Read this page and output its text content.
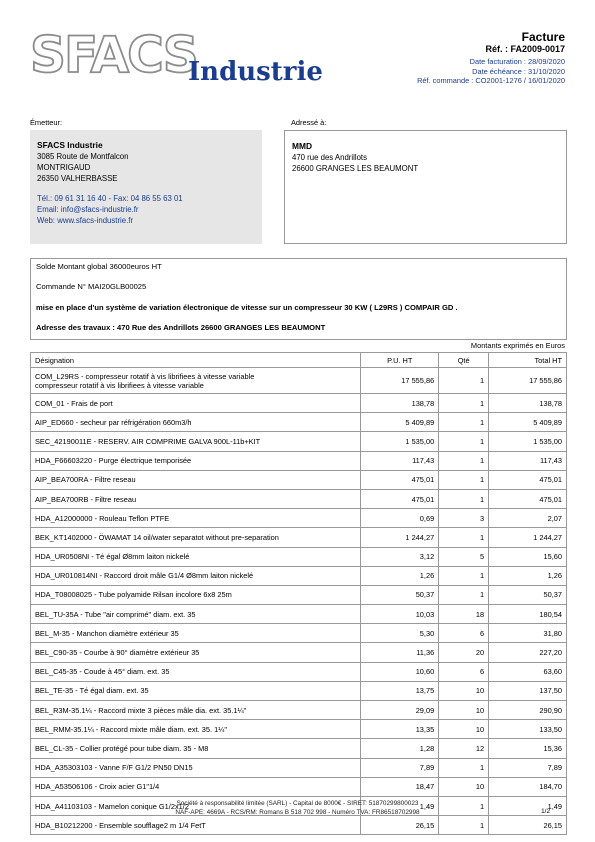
SFACS
Industrie
Facture
Réf. : FA2009-0017
Date facturation : 28/09/2020
Date échéance : 31/10/2020
Réf. commande : CO2001-1276 / 16/01/2020
Émetteur:
SFACS Industrie
3085 Route de Montfalcon
MONTRIGAUD
26350 VALHERBASSE
Tél.: 09 61 31 16 40 - Fax: 04 86 55 63 01
Email: info@sfacs-industrie.fr
Web: www.sfacs-industrie.fr
Adressé à:
MMD
470 rue des Andrillots
26600 GRANGES LES BEAUMONT
Solde Montant global 36000euros HT
Commande N° MAI20GLB00025
mise en place d'un système de variation électronique de vitesse sur un compresseur 30 KW ( L29RS ) COMPAIR GD .
Adresse des travaux : 470 Rue des Andrillots 26600 GRANGES LES BEAUMONT
Montants exprimés en Euros
Désignation	P.U. HT	Qté	Total HT

COM_L29RS - compresseur rotatif à vis librifiees à vitesse variable
compresseur rotatif à vis librifiees à vitesse variable	17 555,86	1	17 555,86

COM_01 - Frais de port	138,78	1	138,78

AIP_ED660 - secheur par réfrigération 660m3/h	5 409,89	1	5 409,89

SEC_42190011E - RESERV. AIR COMPRIME GALVA 900L-11b+KIT	1 535,00	1	1 535,00

HDA_F66603220 - Purge électrique temporisée	117,43	1	117,43

AIP_BEA700RA - Filtre reseau	475,01	1	475,01

AIP_BEA700RB - Filtre reseau	475,01	1	475,01

HDA_A12000000 - Rouleau Teflon PTFE	0,69	3	2,07

BEK_KT1402000 - ÖWAMAT 14 oil/water separatot without pre-separation	1 244,27	1	1 244,27

HDA_UR0508NI - Té égal Ø8mm laiton nickelé	3,12	5	15,60

HDA_UR010814NI - Raccord droit mâle G1/4 Ø8mm laiton nickelé	1,26	1	1,26

HDA_T08008025 - Tube polyamide Rilsan incolore 6x8 25m	50,37	1	50,37

BEL_TU-35A - Tube "air comprimé" diam. ext. 35	10,03	18	180,54

BEL_M-35 - Manchon diamètre extérieur 35	5,30	6	31,80

BEL_C90-35 - Courbe à 90° diamètre extérieur 35	11,36	20	227,20

BEL_C45-35 - Coude à 45° diam. ext. 35	10,60	6	63,60

BEL_TE-35 - Té égal diam. ext. 35	13,75	10	137,50

BEL_R3M-35.1¼ - Raccord mixte 3 pièces mâle dia. ext. 35.1¼"	29,09	10	290,90

BEL_RMM-35.1¼ - Raccord mixte mâle diam. ext. 35. 1¼"	13,35	10	133,50

BEL_CL-35 - Collier protégé pour tube diam. 35 - M8	1,28	12	15,36

HDA_A35303103 - Vanne F/F G1/2 PN50 DN15	7,89	1	7,89

HDA_A53506106 - Croix acier G1"1/4	18,47	10	184,70

HDA_A41103103 - Mamelon conique G1/2x1/2	1,49	1	1,49

HDA_B10212200 - Ensemble soufflage2 m 1/4 FetT	26,15	1	26,15
Société à responsabilité limitée (SARL) - Capital de 8000€ - SIRET: 51870299800023
NAF-APE: 4669A - RCS/RM: Romans B 518 702 998 - Numéro TVA: FR86518702998	1/2
